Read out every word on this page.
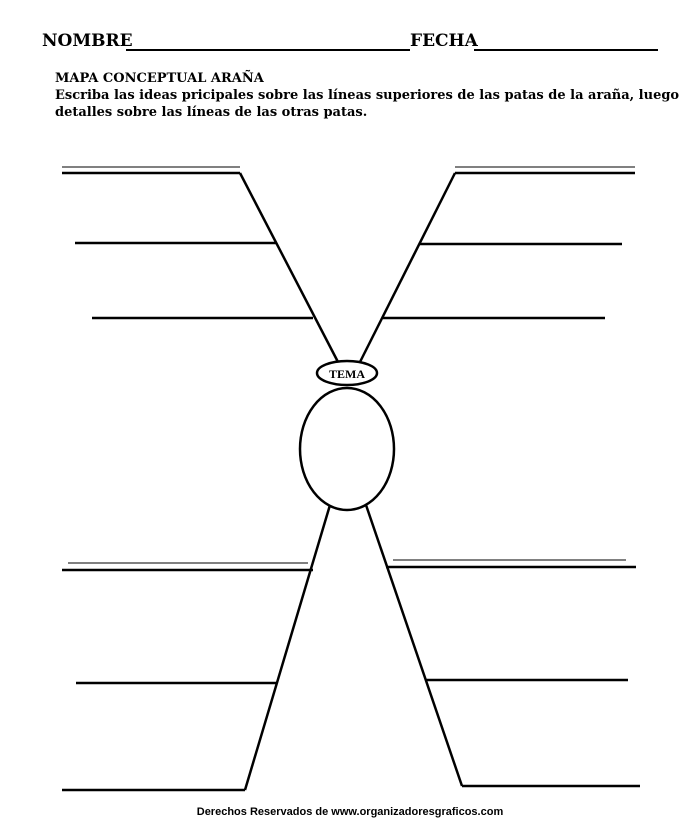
NOMBRE	FECHA
MAPA CONCEPTUAL ARAÑA
Escriba las ideas pricipales sobre las líneas superiores de las patas de la araña, luego
detalles sobre las líneas de las otras patas.
TEMA
Derechos Reservados de www.organizadoresgraficos.com
